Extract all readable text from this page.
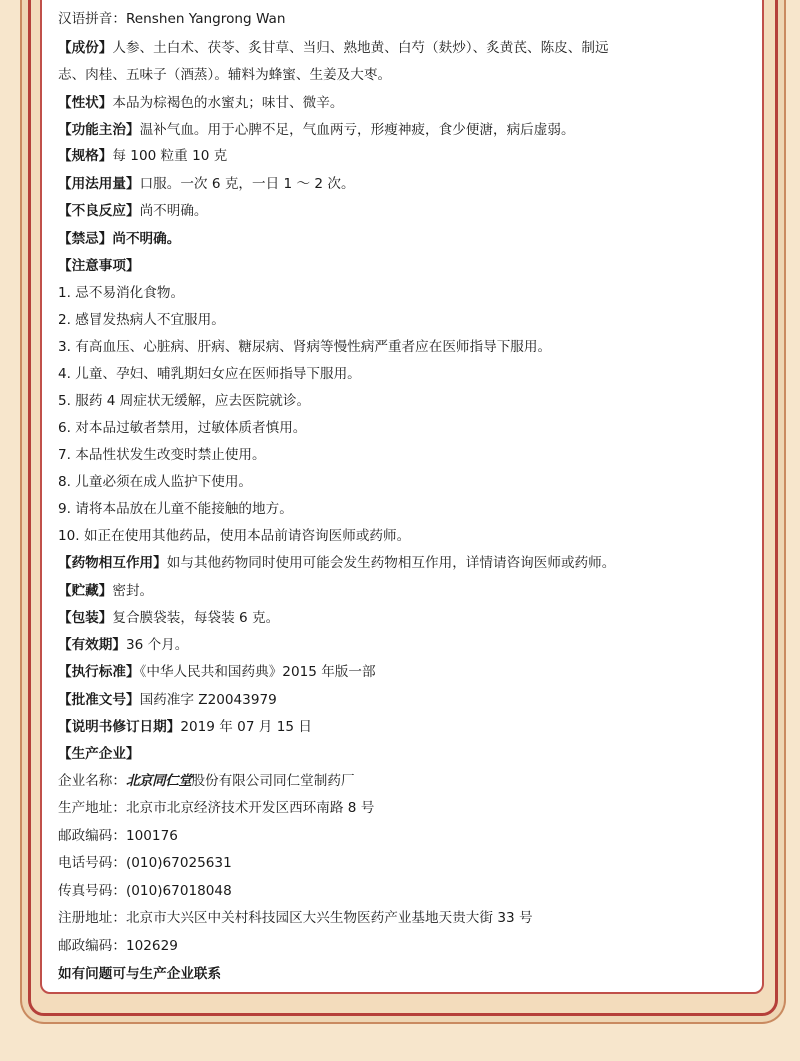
汉语拼音：Renshen Yangrong Wan
【成份】人参、土白术、茯苓、炙甘草、当归、熟地黄、白芍（麸炒）、炙黄芪、陈皮、制远
志、肉桂、五味子（酒蒸）。辅料为蜂蜜、生姜及大枣。
【性状】本品为棕褐色的水蜜丸；味甘、微辛。
【功能主治】温补气血。用于心脾不足，气血两亏，形瘦神疲，食少便溏，病后虚弱。
【规格】每 100 粒重 10 克
【用法用量】口服。一次 6 克，一日 1 ～ 2 次。
【不良反应】尚不明确。
【禁忌】尚不明确。
【注意事项】
1. 忌不易消化食物。
2. 感冒发热病人不宜服用。
3. 有高血压、心脏病、肝病、糖尿病、肾病等慢性病严重者应在医师指导下服用。
4. 儿童、孕妇、哺乳期妇女应在医师指导下服用。
5. 服药 4 周症状无缓解，应去医院就诊。
6. 对本品过敏者禁用，过敏体质者慎用。
7. 本品性状发生改变时禁止使用。
8. 儿童必须在成人监护下使用。
9. 请将本品放在儿童不能接触的地方。
10. 如正在使用其他药品，使用本品前请咨询医师或药师。
【药物相互作用】如与其他药物同时使用可能会发生药物相互作用，详情请咨询医师或药师。
【贮藏】密封。
【包装】复合膜袋装，每袋装 6 克。
【有效期】36 个月。
【执行标准】《中华人民共和国药典》2015 年版一部
【批准文号】国药准字 Z20043979
【说明书修订日期】2019 年 07 月 15 日
【生产企业】
企业名称：北京同仁堂股份有限公司同仁堂制药厂
生产地址：北京市北京经济技术开发区西环南路 8 号
邮政编码：100176
电话号码：(010)67025631
传真号码：(010)67018048
注册地址：北京市大兴区中关村科技园区大兴生物医药产业基地天贵大街 33 号
邮政编码：102629
如有问题可与生产企业联系
